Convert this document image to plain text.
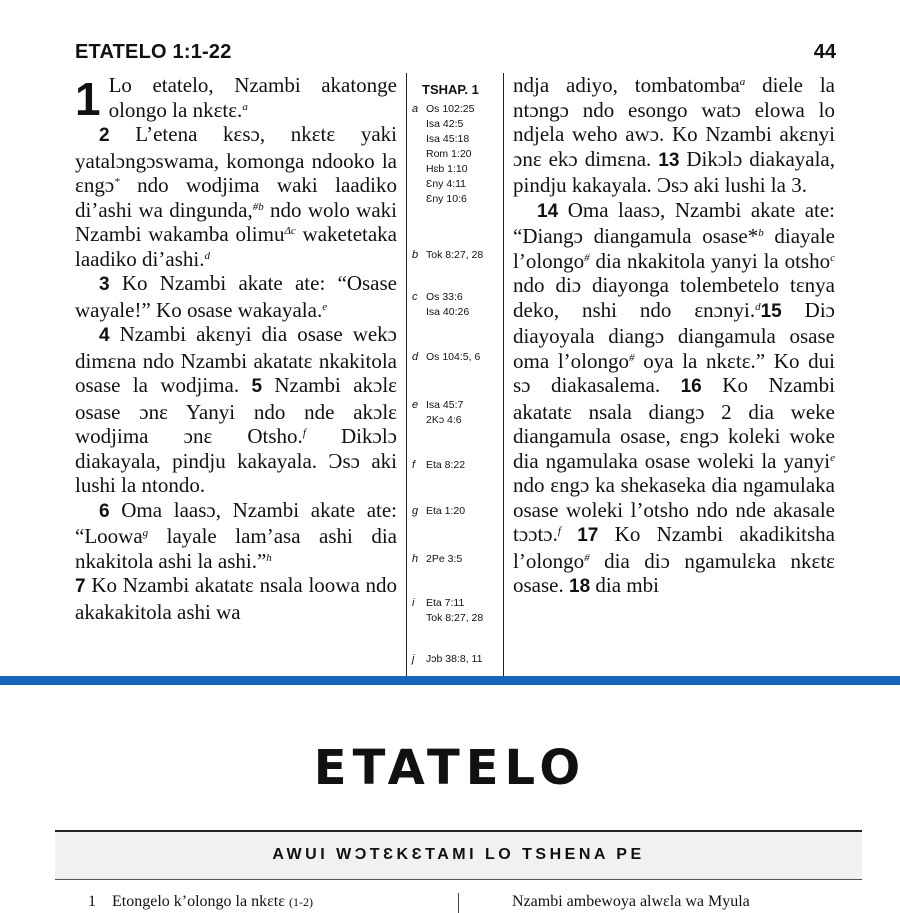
ETATELO 1:1-22	44

1 Lo etatelo, Nzambi akatonge olongo la nkɛtɛ.$^a$

2 L’etena kɛsɔ, nkɛtɛ yaki yatalɔngɔswama, komonga ndooko la ɛngɔ* ndo wodjima waki laadiko di’ashi wa dingunda,$^{\#b}$ ndo wolo waki Nzambi wakamba olimu$^{\Delta c}$ waketetaka laadiko di’ashi.$^d$

3 Ko Nzambi akate ate: “Osase wayale!” Ko osase wakayala.$^e$

4 Nzambi akɛnyi dia osase wekɔ dimɛna ndo Nzambi akatatɛ nkakitola osase la wodjima. 5 Nzambi akɔlɛ osase ɔnɛ Yanyi ndo nde akɔlɛ wodjima ɔnɛ Otsho.$^f$ Dikɔlɔ diakayala, pindju kakayala. Ɔsɔ aki lushi la ntondo.

6 Oma laasɔ, Nzambi akate ate: “Loowa$^g$ layale lam’asa ashi dia nkakitola ashi la ashi.”$^h$

7 Ko Nzambi akatatɛ nsala loowa ndo akakakitola ashi wa

TSHAP. 1
a Os 102:25
Isa 42:5
Isa 45:18
Rom 1:20
Hɛb 1:10
Ɛny 4:11
Ɛny 10:6
b Tok 8:27, 28
c Os 33:6
Isa 40:26
d Os 104:5, 6
e Isa 45:7
2Kɔ 4:6
f Eta 8:22
g Eta 1:20
h 2Pe 3:5
i Eta 7:11
Tok 8:27, 28
j Jɔb 38:8, 11

ndja adiyo, tombatomba$^a$ diele la ntɔngɔ ndo esongo watɔ elowa lo ndjela weho awɔ. Ko Nzambi akɛnyi ɔnɛ ekɔ dimɛna. 13 Dikɔlɔ diakayala, pindju kakayala. Ɔsɔ aki lushi la 3.

14 Oma laasɔ, Nzambi akate ate: “Diangɔ diangamula osase*$^b$ diayale l’olongo# dia nkakitola yanyi la otsho$^c$ ndo diɔ diayonga tolembetelo tɛnya deko, nshi ndo ɛnɔnyi.$^d$15 Diɔ diayoyala diangɔ diangamula osase oma l’olongo# oya la nkɛtɛ.” Ko dui sɔ diakasalema. 16 Ko Nzambi akatatɛ nsala diangɔ 2 dia weke diangamula osase, ɛngɔ koleki woke dia ngamulaka osase woleki la yanyi$^e$ ndo ɛngɔ ka shekaseka dia ngamulaka osase woleki l’otsho ndo nde akasale tɔɔtɔ.$^f$ 17 Ko Nzambi akadikitsha l’olongo# dia diɔ ngamulɛka nkɛtɛ osase. 18 dia mbi

ETATELO
AWUI WƆTƐKƐTAMI LO TSHENA PE
1 Etongelo k’olongo la nkɛtɛ (1-2)	Nzambi ambewoya alwɛla wa Myula
